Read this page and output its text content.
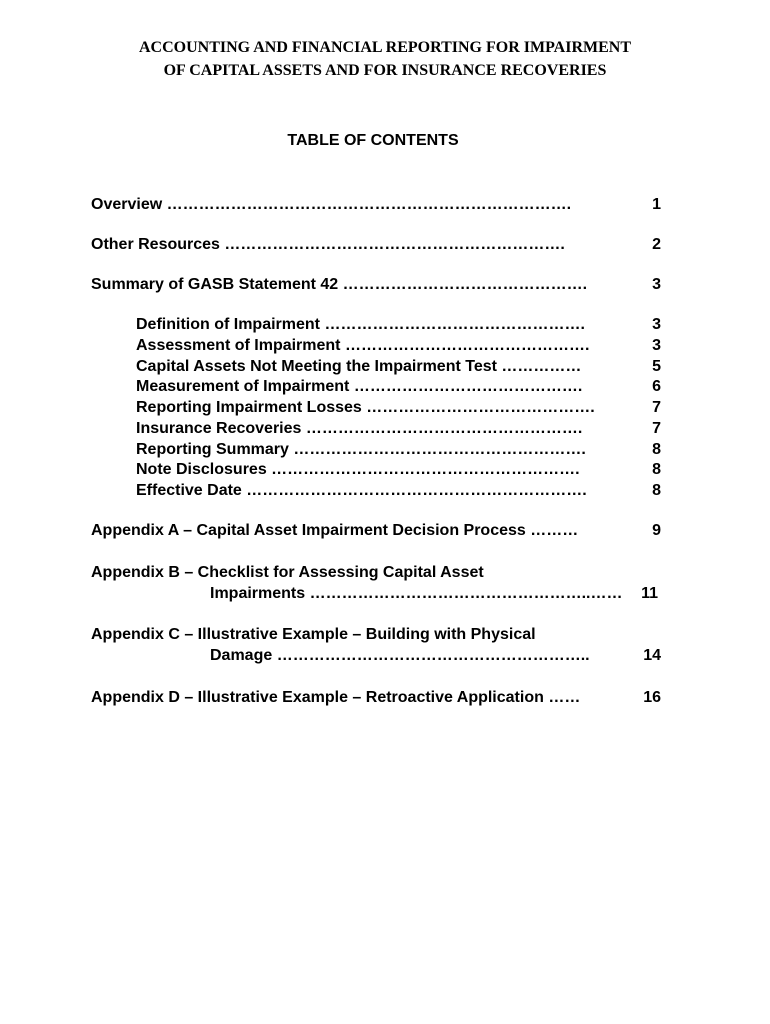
ACCOUNTING AND FINANCIAL REPORTING FOR IMPAIRMENT
OF CAPITAL ASSETS AND FOR INSURANCE RECOVERIES
TABLE OF CONTENTS
Overview ………………………………………………………………….	1
Other Resources ……………………………………………………….	2
Summary of GASB Statement 42 ……………………………………….	3
Definition of Impairment ………………………………………….	3
Assessment of Impairment ……………………………………….	3
Capital Assets Not Meeting the Impairment Test ……………	5
Measurement of Impairment …………………………………….	6
Reporting Impairment Losses …………………………………….	7
Insurance Recoveries …………………………………………….	7
Reporting Summary ……………………………………………….	8
Note Disclosures ………………………………………………….	8
Effective Date ……………………………………………………….	8
Appendix A – Capital Asset Impairment Decision Process ………	9
Appendix B – Checklist for Assessing Capital Asset
Impairments ……………………………………………..……	11
Appendix C – Illustrative Example – Building with Physical
Damage …………………………………………………..	14
Appendix D – Illustrative Example – Retroactive Application ……	16
